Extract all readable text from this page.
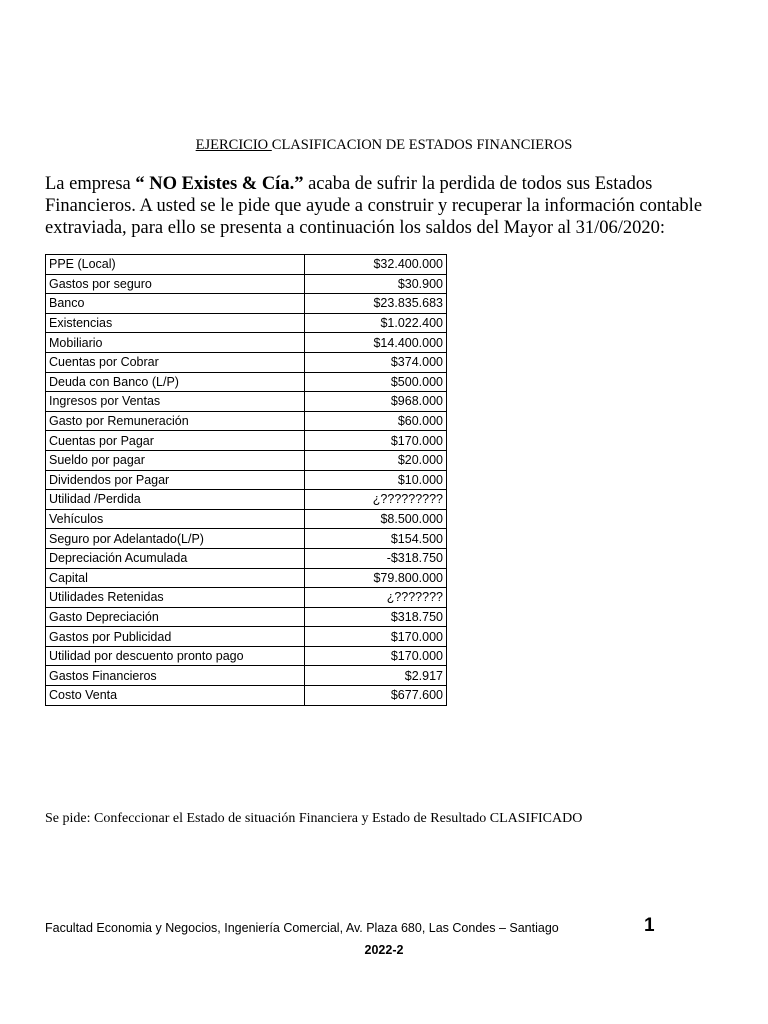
EJERCICIO CLASIFICACION DE ESTADOS FINANCIEROS
La empresa “ NO Existes & Cía.” acaba de sufrir la perdida de todos sus Estados Financieros. A usted se le pide que ayude a construir y recuperar la información contable extraviada, para ello se presenta a continuación los saldos del Mayor al 31/06/2020:
PPE (Local)	$32.400.000
Gastos por seguro	$30.900
Banco	$23.835.683
Existencias	$1.022.400
Mobiliario	$14.400.000
Cuentas por Cobrar	$374.000
Deuda con Banco (L/P)	$500.000
Ingresos por Ventas	$968.000
Gasto por Remuneración	$60.000
Cuentas por Pagar	$170.000
Sueldo por pagar	$20.000
Dividendos por Pagar	$10.000
Utilidad /Perdida	¿?????????
Vehículos	$8.500.000
Seguro por Adelantado(L/P)	$154.500
Depreciación Acumulada	-$318.750
Capital	$79.800.000
Utilidades Retenidas	¿???????
Gasto Depreciación	$318.750
Gastos por Publicidad	$170.000
Utilidad por descuento pronto pago	$170.000
Gastos Financieros	$2.917
Costo Venta	$677.600
Se pide: Confeccionar el Estado de situación Financiera y Estado de Resultado CLASIFICADO
Facultad Economia y Negocios, Ingeniería Comercial, Av. Plaza 680, Las Condes – Santiago	1
2022-2
